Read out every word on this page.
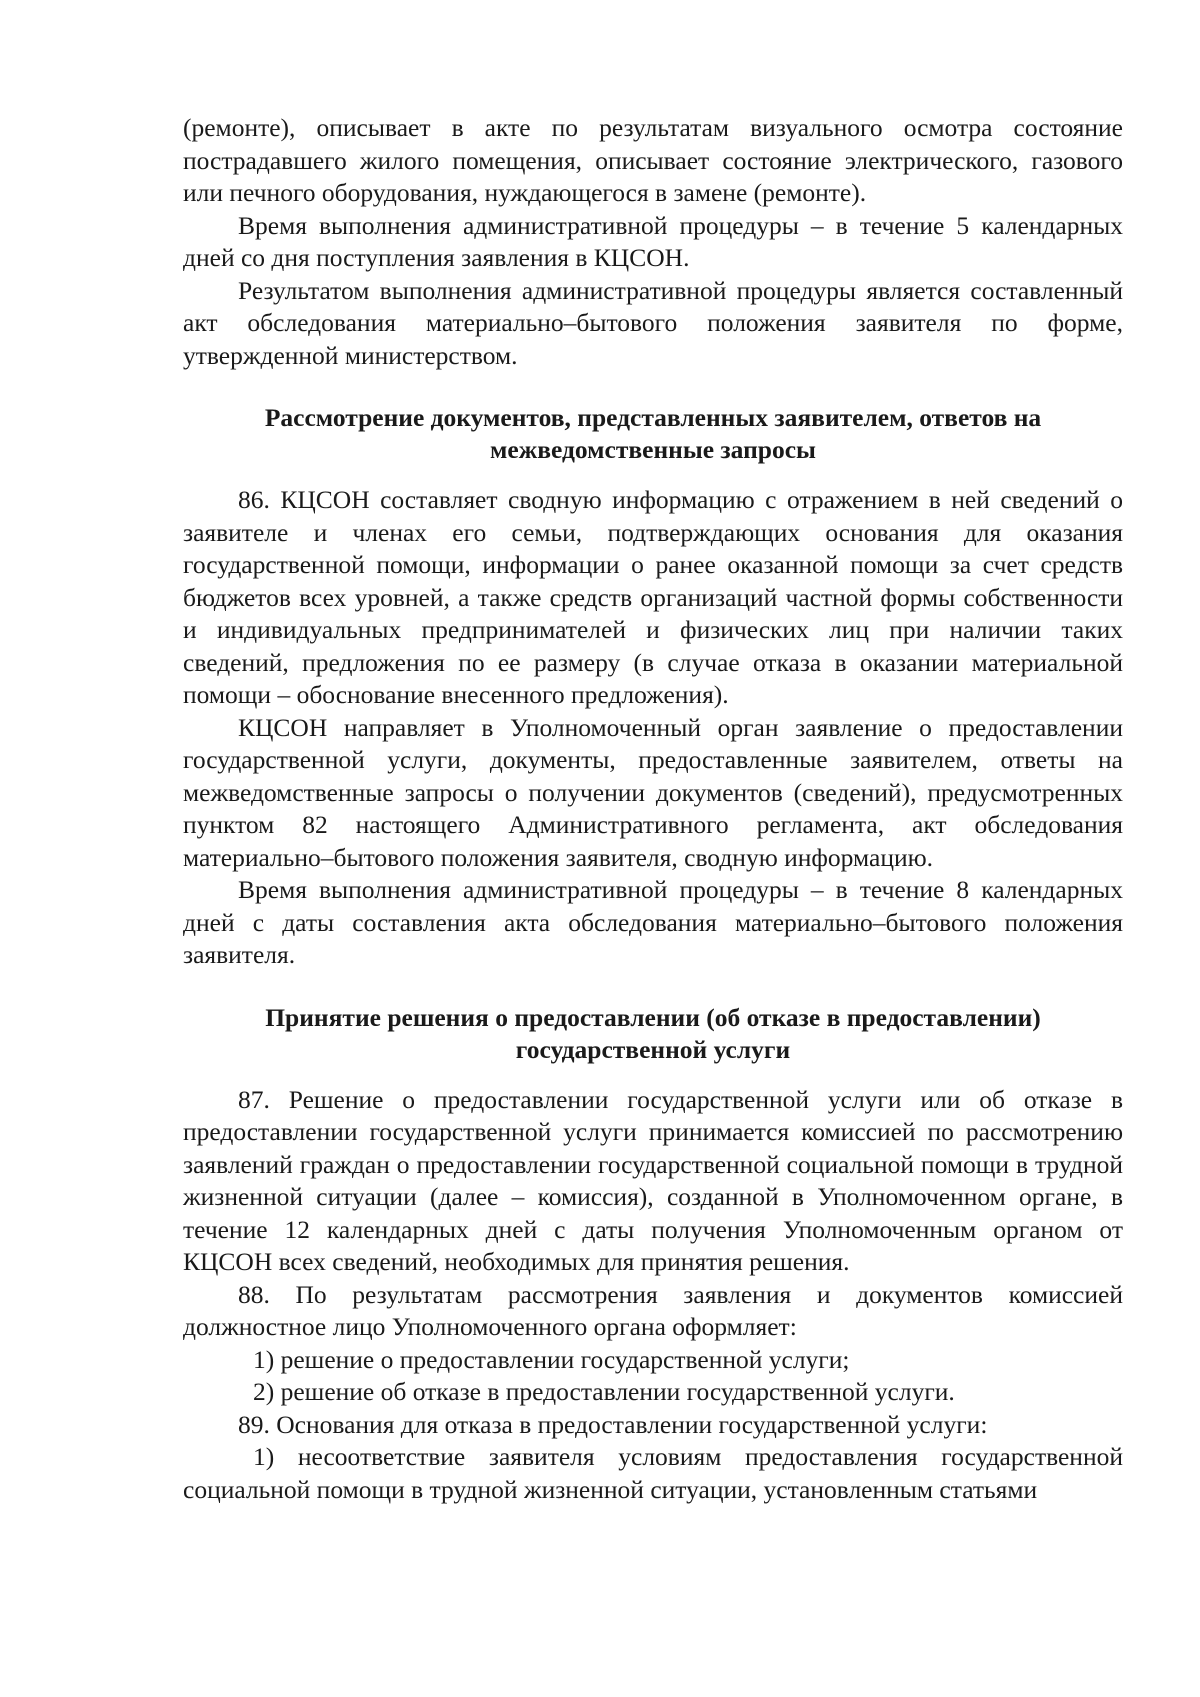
(ремонте), описывает в акте по результатам визуального осмотра состояние пострадавшего жилого помещения, описывает состояние электрического, газового или печного оборудования, нуждающегося в замене (ремонте).

Время выполнения административной процедуры – в течение 5 календарных дней со дня поступления заявления в КЦСОН.

Результатом выполнения административной процедуры является составленный акт обследования материально–бытового положения заявителя по форме, утвержденной министерством.

Рассмотрение документов, представленных заявителем, ответов на межведомственные запросы

86. КЦСОН составляет сводную информацию с отражением в ней сведений о заявителе и членах его семьи, подтверждающих основания для оказания государственной помощи, информации о ранее оказанной помощи за счет средств бюджетов всех уровней, а также средств организаций частной формы собственности и индивидуальных предпринимателей и физических лиц при наличии таких сведений, предложения по ее размеру (в случае отказа в оказании материальной помощи – обоснование внесенного предложения).

КЦСОН направляет в Уполномоченный орган заявление о предоставлении государственной услуги, документы, предоставленные заявителем, ответы на межведомственные запросы о получении документов (сведений), предусмотренных пунктом 82 настоящего Административного регламента, акт обследования материально–бытового положения заявителя, сводную информацию.

Время выполнения административной процедуры – в течение 8 календарных дней с даты составления акта обследования материально–бытового положения заявителя.

Принятие решения о предоставлении (об отказе в предоставлении) государственной услуги

87. Решение о предоставлении государственной услуги или об отказе в предоставлении государственной услуги принимается комиссией по рассмотрению заявлений граждан о предоставлении государственной социальной помощи в трудной жизненной ситуации (далее – комиссия), созданной в Уполномоченном органе, в течение 12 календарных дней с даты получения Уполномоченным органом от КЦСОН всех сведений, необходимых для принятия решения.

88. По результатам рассмотрения заявления и документов комиссией должностное лицо Уполномоченного органа оформляет:

1) решение о предоставлении государственной услуги;

2) решение об отказе в предоставлении государственной услуги.

89. Основания для отказа в предоставлении государственной услуги:

1) несоответствие заявителя условиям предоставления государственной социальной помощи в трудной жизненной ситуации, установленным статьями
